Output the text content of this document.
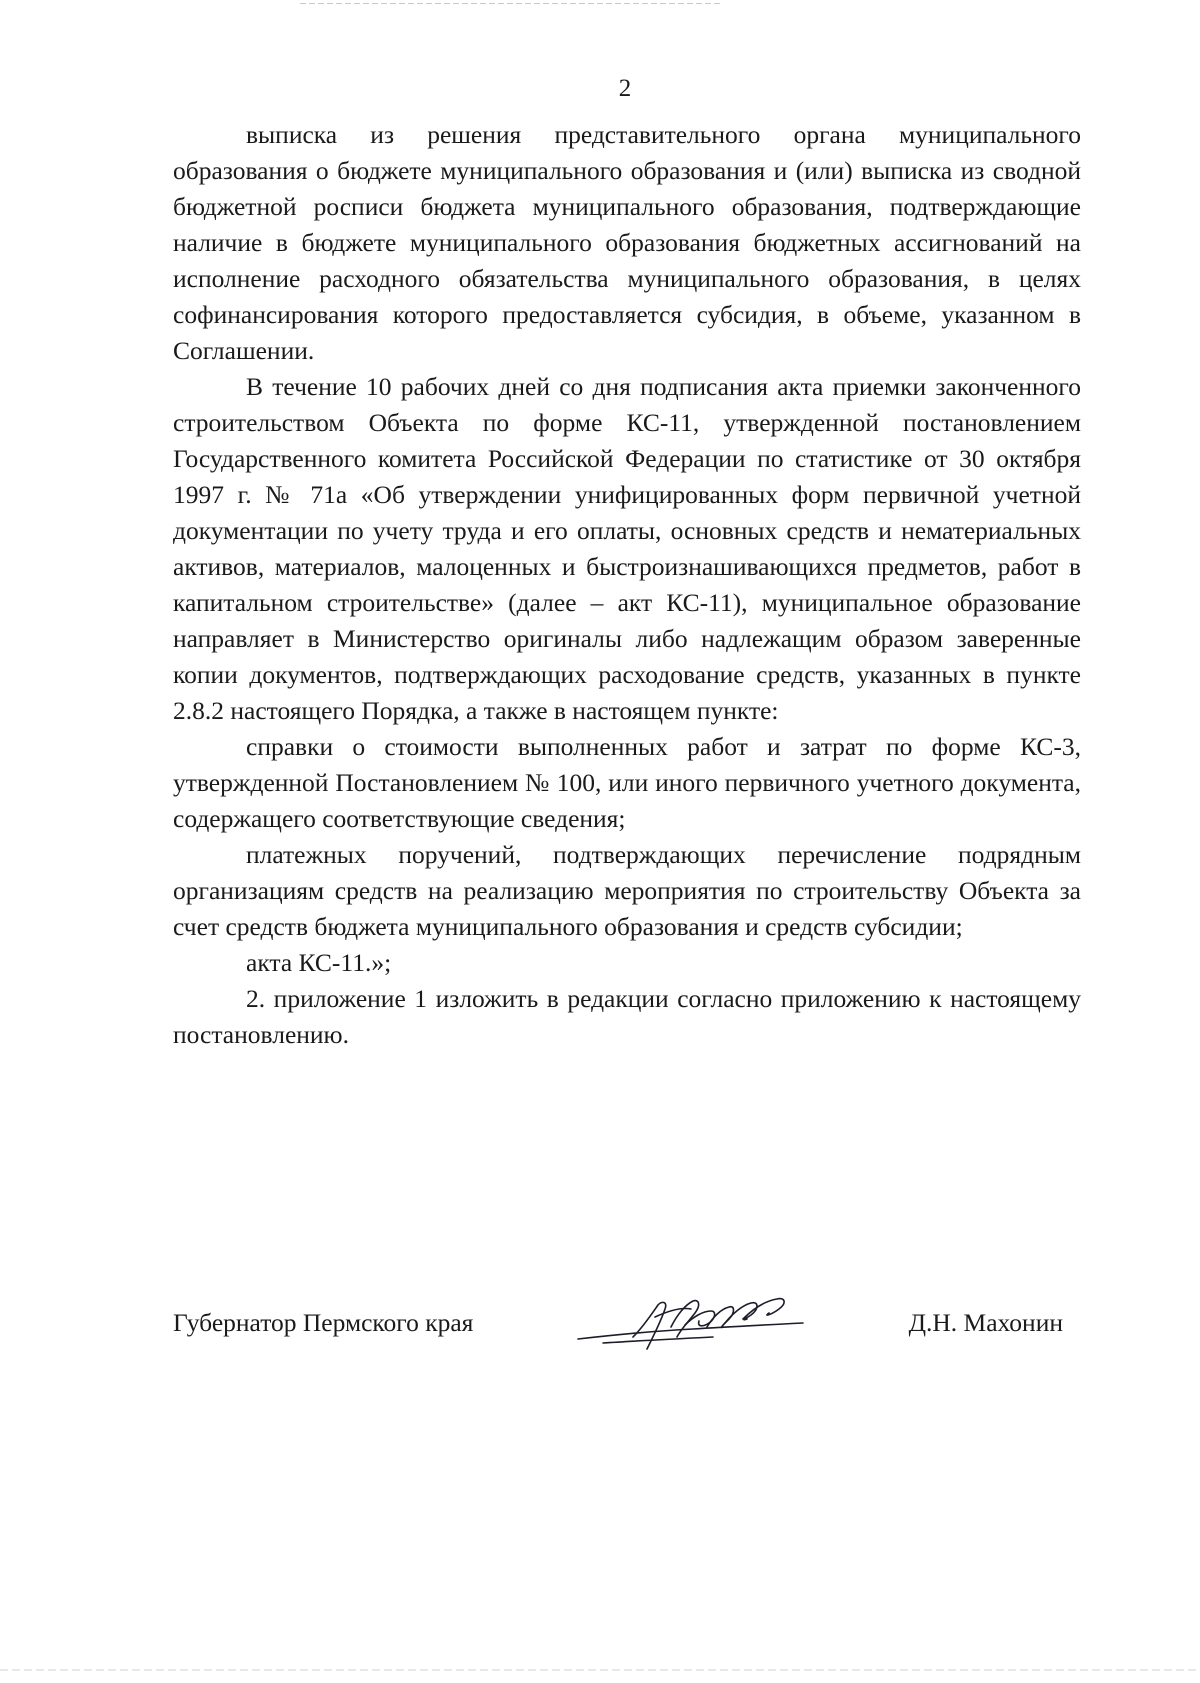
2

выписка из решения представительного органа муниципального образования о бюджете муниципального образования и (или) выписка из сводной бюджетной росписи бюджета муниципального образования, подтверждающие наличие в бюджете муниципального образования бюджетных ассигнований на исполнение расходного обязательства муниципального образования, в целях софинансирования которого предоставляется субсидия, в объеме, указанном в Соглашении.

В течение 10 рабочих дней со дня подписания акта приемки законченного строительством Объекта по форме КС-11, утвержденной постановлением Государственного комитета Российской Федерации по статистике от 30 октября 1997 г. № 71а «Об утверждении унифицированных форм первичной учетной документации по учету труда и его оплаты, основных средств и нематериальных активов, материалов, малоценных и быстроизнашивающихся предметов, работ в капитальном строительстве» (далее – акт КС-11), муниципальное образование направляет в Министерство оригиналы либо надлежащим образом заверенные копии документов, подтверждающих расходование средств, указанных в пункте 2.8.2 настоящего Порядка, а также в настоящем пункте:

справки о стоимости выполненных работ и затрат по форме КС-3, утвержденной Постановлением № 100, или иного первичного учетного документа, содержащего соответствующие сведения;

платежных поручений, подтверждающих перечисление подрядным организациям средств на реализацию мероприятия по строительству Объекта за счет средств бюджета муниципального образования и средств субсидии;

акта КС-11.»;

2. приложение 1 изложить в редакции согласно приложению к настоящему постановлению.

Губернатор Пермского края	Д.Н. Махонин
